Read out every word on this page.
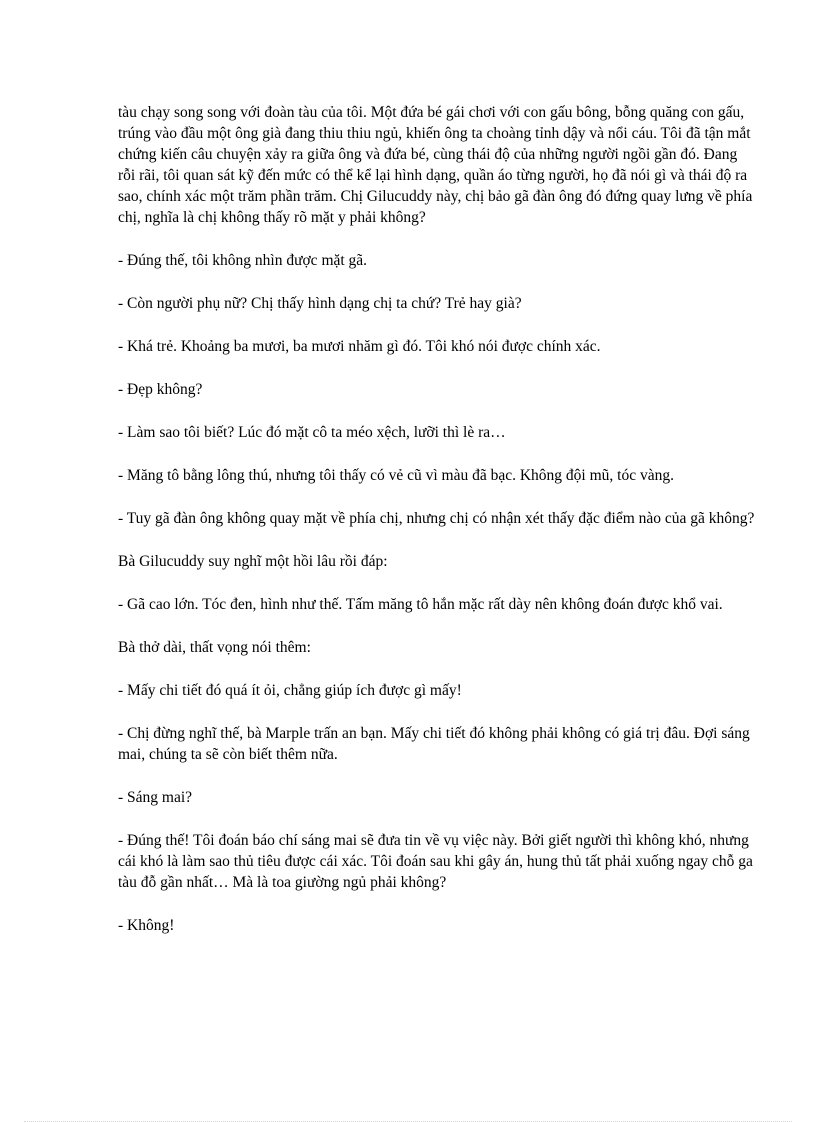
tàu chạy song song với đoàn tàu của tôi. Một đứa bé gái chơi với con gấu bông, bỗng quăng con gấu, trúng vào đầu một ông già đang thiu thiu ngủ, khiến ông ta choàng tỉnh dậy và nổi cáu. Tôi đã tận mắt chứng kiến câu chuyện xảy ra giữa ông và đứa bé, cùng thái độ của những người ngồi gần đó. Đang rỗi rãi, tôi quan sát kỹ đến mức có thể kể lại hình dạng, quần áo từng người, họ đã nói gì và thái độ ra sao, chính xác một trăm phần trăm. Chị Gilucuddy này, chị bảo gã đàn ông đó đứng quay lưng về phía chị, nghĩa là chị không thấy rõ mặt y phải không?

- Đúng thế, tôi không nhìn được mặt gã.

- Còn người phụ nữ? Chị thấy hình dạng chị ta chứ? Trẻ hay già?

- Khá trẻ. Khoảng ba mươi, ba mươi nhăm gì đó. Tôi khó nói được chính xác.

- Đẹp không?

- Làm sao tôi biết? Lúc đó mặt cô ta méo xệch, lưỡi thì lè ra…

- Măng tô bằng lông thú, nhưng tôi thấy có vẻ cũ vì màu đã bạc. Không đội mũ, tóc vàng.

- Tuy gã đàn ông không quay mặt về phía chị, nhưng chị có nhận xét thấy đặc điểm nào của gã không?

Bà Gilucuddy suy nghĩ một hồi lâu rồi đáp:

- Gã cao lớn. Tóc đen, hình như thế. Tấm măng tô hắn mặc rất dày nên không đoán được khổ vai.

Bà thở dài, thất vọng nói thêm:

- Mấy chi tiết đó quá ít ỏi, chẳng giúp ích được gì mấy!

- Chị đừng nghĩ thế, bà Marple trấn an bạn. Mấy chi tiết đó không phải không có giá trị đâu. Đợi sáng mai, chúng ta sẽ còn biết thêm nữa.

- Sáng mai?

- Đúng thế! Tôi đoán báo chí sáng mai sẽ đưa tin về vụ việc này. Bởi giết người thì không khó, nhưng cái khó là làm sao thủ tiêu được cái xác. Tôi đoán sau khi gây án, hung thủ tất phải xuống ngay chỗ ga tàu đỗ gần nhất… Mà là toa giường ngủ phải không?

- Không!
